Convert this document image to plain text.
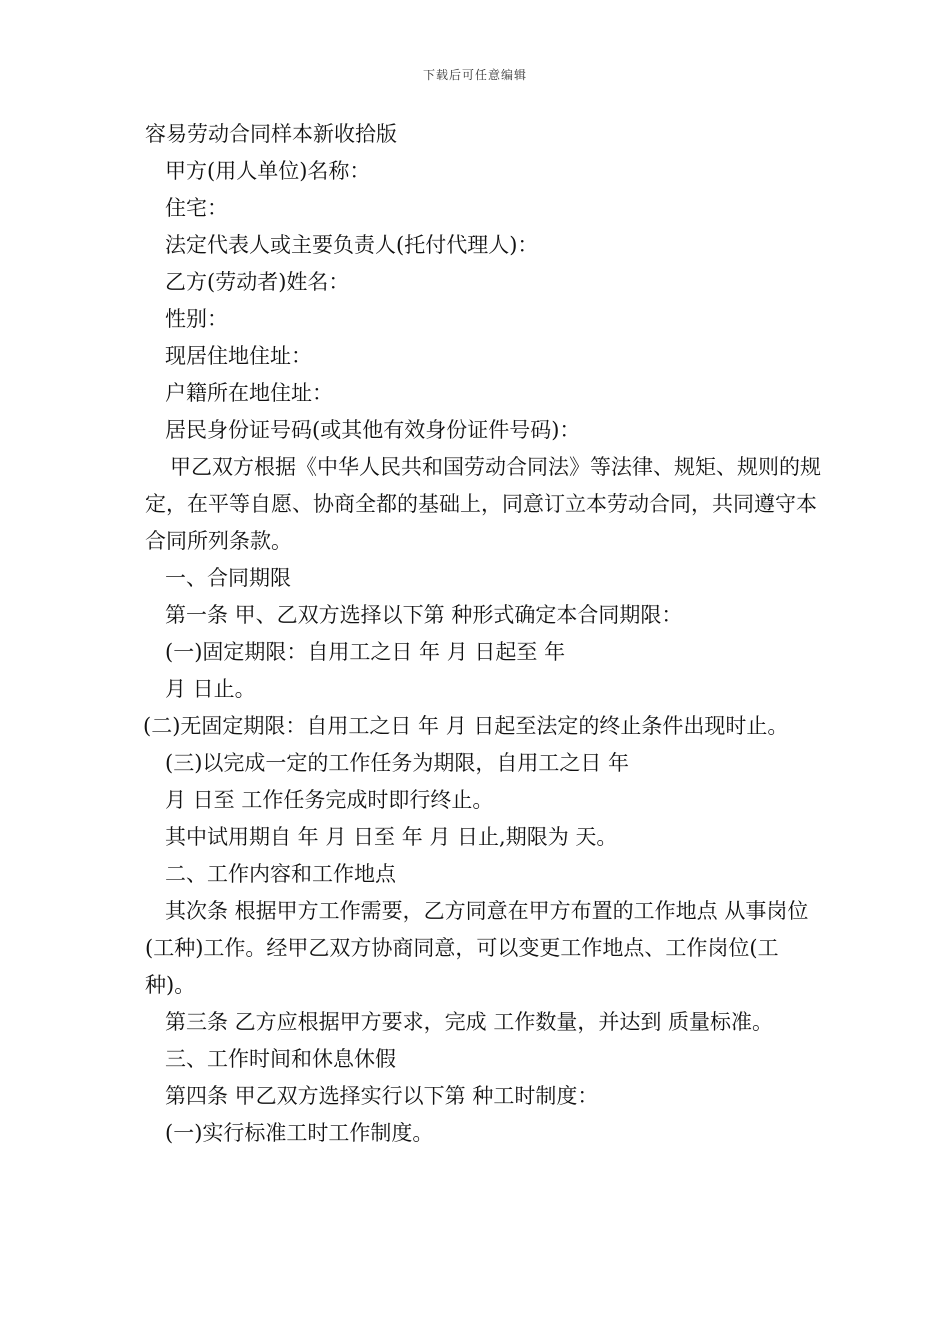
下载后可任意编辑

容易劳动合同样本新收拾版

甲方(用人单位)名称：

住宅：

法定代表人或主要负责人(托付代理人)：

乙方(劳动者)姓名：

性别：

现居住地住址：

户籍所在地住址：

居民身份证号码(或其他有效身份证件号码)：

甲乙双方根据《中华人民共和国劳动合同法》等法律、规矩、规则的规定，在平等自愿、协商全都的基础上，同意订立本劳动合同，共同遵守本合同所列条款。

一、合同期限

第一条 甲、乙双方选择以下第 种形式确定本合同期限：

(一)固定期限：自用工之日 年 月 日起至 年

月 日止。

(二)无固定期限：自用工之日 年 月 日起至法定的终止条件出现时止。

(三)以完成一定的工作任务为期限，自用工之日 年

月 日至 工作任务完成时即行终止。

其中试用期自 年 月 日至 年 月 日止,期限为 天。

二、工作内容和工作地点

其次条 根据甲方工作需要，乙方同意在甲方布置的工作地点 从事岗位(工种)工作。经甲乙双方协商同意，可以变更工作地点、工作岗位(工种)。

第三条 乙方应根据甲方要求，完成 工作数量，并达到 质量标准。

三、工作时间和休息休假

第四条 甲乙双方选择实行以下第 种工时制度：

(一)实行标准工时工作制度。
